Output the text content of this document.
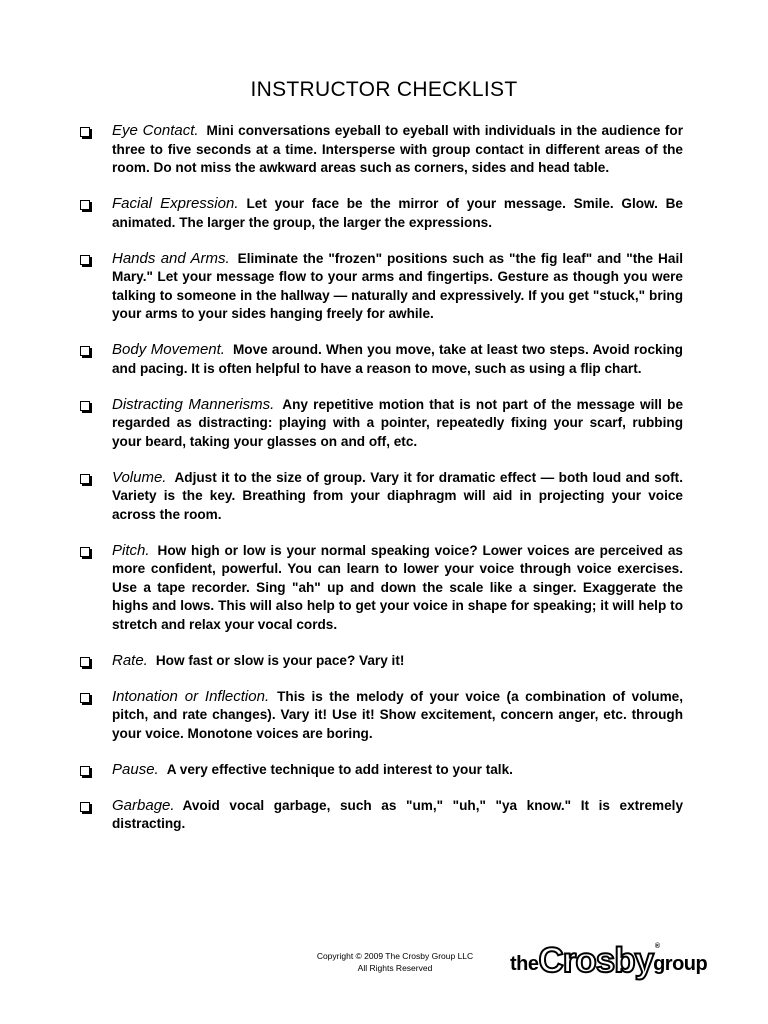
INSTRUCTOR CHECKLIST
Eye Contact. Mini conversations eyeball to eyeball with individuals in the audience for three to five seconds at a time. Intersperse with group contact in different areas of the room. Do not miss the awkward areas such as corners, sides and head table.
Facial Expression. Let your face be the mirror of your message. Smile. Glow. Be animated. The larger the group, the larger the expressions.
Hands and Arms. Eliminate the "frozen" positions such as "the fig leaf" and "the Hail Mary." Let your message flow to your arms and fingertips. Gesture as though you were talking to someone in the hallway — naturally and expressively. If you get "stuck," bring your arms to your sides hanging freely for awhile.
Body Movement. Move around. When you move, take at least two steps. Avoid rocking and pacing. It is often helpful to have a reason to move, such as using a flip chart.
Distracting Mannerisms. Any repetitive motion that is not part of the message will be regarded as distracting: playing with a pointer, repeatedly fixing your scarf, rubbing your beard, taking your glasses on and off, etc.
Volume. Adjust it to the size of group. Vary it for dramatic effect — both loud and soft. Variety is the key. Breathing from your diaphragm will aid in projecting your voice across the room.
Pitch. How high or low is your normal speaking voice? Lower voices are perceived as more confident, powerful. You can learn to lower your voice through voice exercises. Use a tape recorder. Sing "ah" up and down the scale like a singer. Exaggerate the highs and lows. This will also help to get your voice in shape for speaking; it will help to stretch and relax your vocal cords.
Rate. How fast or slow is your pace? Vary it!
Intonation or Inflection. This is the melody of your voice (a combination of volume, pitch, and rate changes). Vary it! Use it! Show excitement, concern anger, etc. through your voice. Monotone voices are boring.
Pause. A very effective technique to add interest to your talk.
Garbage. Avoid vocal garbage, such as "um," "uh," "ya know." It is extremely distracting.
Copyright © 2009 The Crosby Group LLC
All Rights Reserved	the Crosby ®
group
